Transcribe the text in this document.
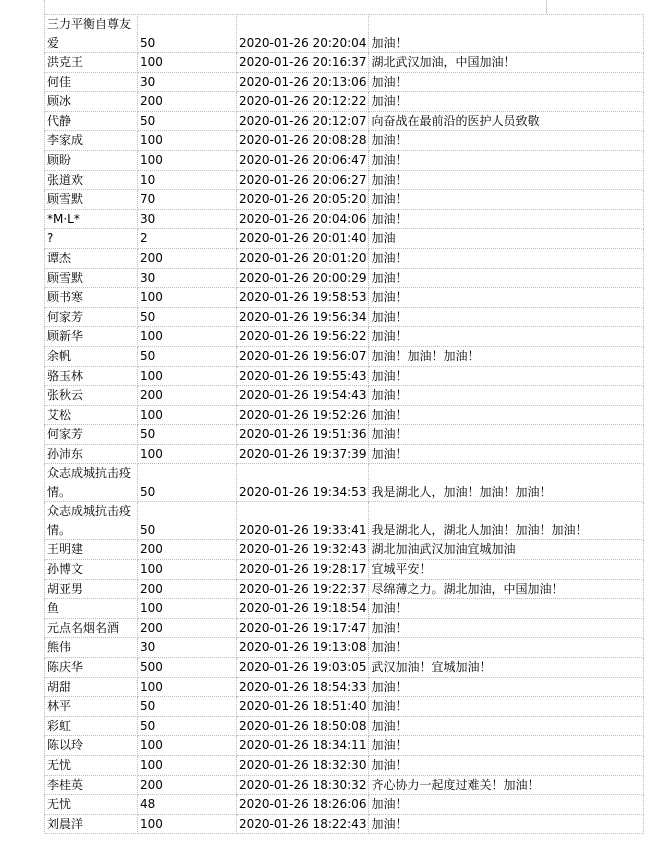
三力平衡自尊友爱	50	2020-01-26 20:20:04	加油！
洪克王	100	2020-01-26 20:16:37	湖北武汉加油，中国加油！
何佳	30	2020-01-26 20:13:06	加油！
顾冰	200	2020-01-26 20:12:22	加油！
代静	50	2020-01-26 20:12:07	向奋战在最前沿的医护人员致敬
李家成	100	2020-01-26 20:08:28	加油！
顾盼	100	2020-01-26 20:06:47	加油！
张道欢	10	2020-01-26 20:06:27	加油！
顾雪默	70	2020-01-26 20:05:20	加油！
*M·L*	30	2020-01-26 20:04:06	加油！
?	2	2020-01-26 20:01:40	加油
谭杰	200	2020-01-26 20:01:20	加油！
顾雪默	30	2020-01-26 20:00:29	加油！
顾书寒	100	2020-01-26 19:58:53	加油！
何家芳	50	2020-01-26 19:56:34	加油！
顾新华	100	2020-01-26 19:56:22	加油！
余帆	50	2020-01-26 19:56:07	加油！加油！加油！
骆玉林	100	2020-01-26 19:55:43	加油！
张秋云	200	2020-01-26 19:54:43	加油！
艾松	100	2020-01-26 19:52:26	加油！
何家芳	50	2020-01-26 19:51:36	加油！
孙沛东	100	2020-01-26 19:37:39	加油！
众志成城抗击疫情。	50	2020-01-26 19:34:53	我是湖北人，加油！加油！加油！
众志成城抗击疫情。	50	2020-01-26 19:33:41	我是湖北人，湖北人加油！加油！加油！
王明建	200	2020-01-26 19:32:43	湖北加油武汉加油宜城加油
孙博文	100	2020-01-26 19:28:17	宜城平安！
胡亚男	200	2020-01-26 19:22:37	尽绵薄之力。湖北加油，中国加油！
鱼	100	2020-01-26 19:18:54	加油！
元点名烟名酒	200	2020-01-26 19:17:47	加油！
熊伟	30	2020-01-26 19:13:08	加油！
陈庆华	500	2020-01-26 19:03:05	武汉加油！宜城加油！
胡甜	100	2020-01-26 18:54:33	加油！
林平	50	2020-01-26 18:51:40	加油！
彩虹	50	2020-01-26 18:50:08	加油！
陈以玲	100	2020-01-26 18:34:11	加油！
无忧	100	2020-01-26 18:32:30	加油！
李桂英	200	2020-01-26 18:30:32	齐心协力一起度过难关！加油！
无忧	48	2020-01-26 18:26:06	加油！
刘晨洋	100	2020-01-26 18:22:43	加油！
